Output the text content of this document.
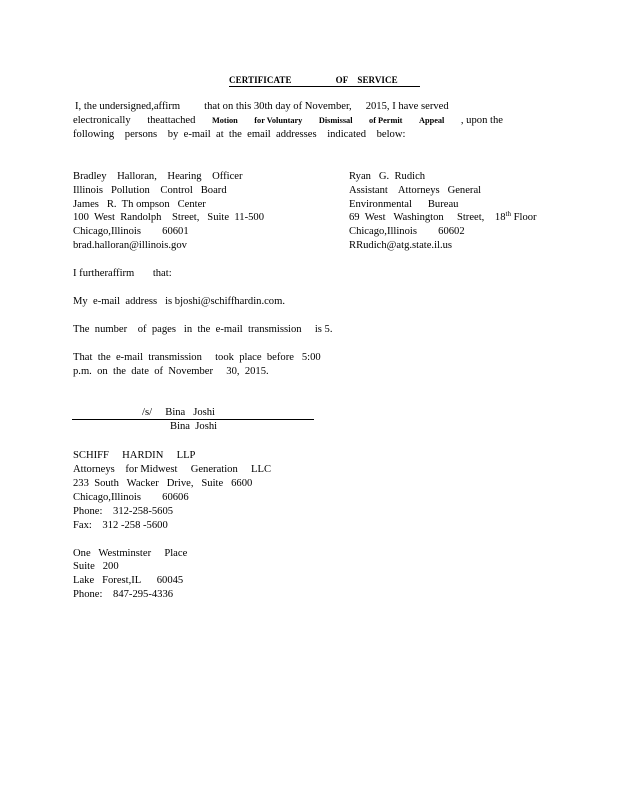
CERTIFICATE	OF SERVICE
I, the undersigned,affirm that on this 30th day of November, 2015, I have served
electronically theattached Motion for Voluntary Dismissal of Permit Appeal , upon the
following    persons    by  e-mail  at  the  email  addresses    indicated    below:
Bradley    Halloran,    Hearing    Officer
Illinois   Pollution    Control   Board
James   R.  Th ompson   Center
100  West  Randolph    Street,   Suite  11-500
Chicago,Illinois        60601
brad.halloran@illinois.gov
Ryan   G.  Rudich
Assistant    Attorneys   General
Environmental      Bureau
69  West   Washington     Street,    18th Floor
Chicago,Illinois        60602
RRudich@atg.state.il.us
I furtheraffirm       that:
My  e-mail  address   is bjoshi@schiffhardin.com.
The  number    of  pages   in  the  e-mail  transmission     is 5.
That  the  e-mail  transmission     took  place  before   5:00
p.m.  on  the  date  of  November     30,  2015.
/s/     Bina   Joshi
Bina  Joshi
SCHIFF     HARDIN     LLP
Attorneys    for Midwest     Generation     LLC
233  South   Wacker   Drive,   Suite   6600
Chicago,Illinois        60606
Phone:    312-258-5605
Fax:    312 -258 -5600
One   Westminster     Place
Suite   200
Lake   Forest,IL      60045
Phone:    847-295-4336
